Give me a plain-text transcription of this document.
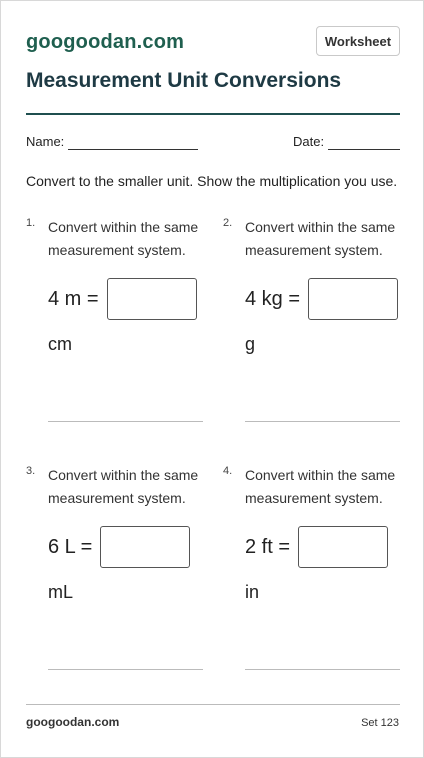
googoodan.com	Worksheet
Measurement Unit Conversions
Name:	Date:
Convert to the smaller unit. Show the multiplication you use.
1. Convert within the same measurement system.
4 m =
cm
2. Convert within the same measurement system.
4 kg =
g
3. Convert within the same measurement system.
6 L =
mL
4. Convert within the same measurement system.
2 ft =
in
googoodan.com	Set 123
